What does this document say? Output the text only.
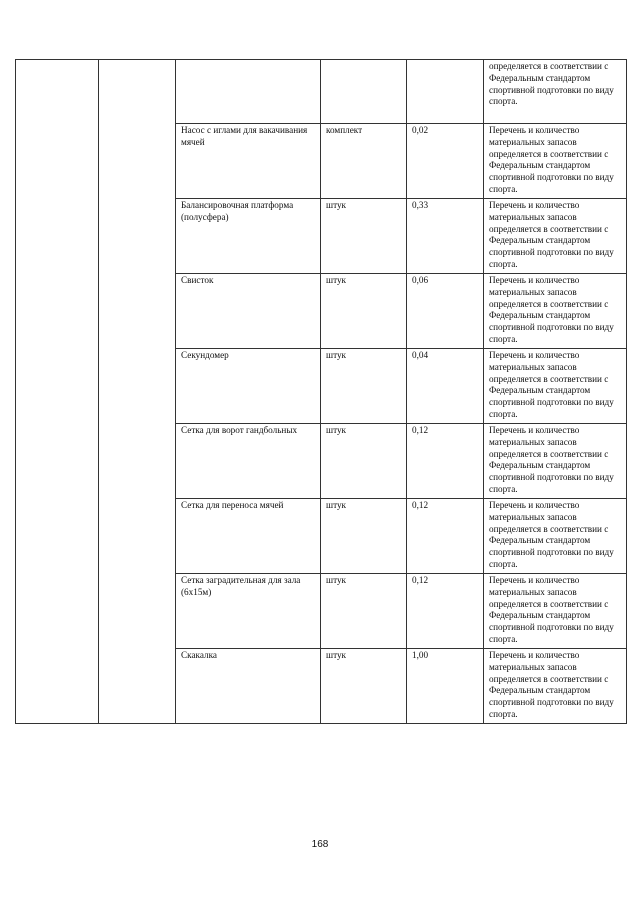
					определяется в соответствии с Федеральным стандартом спортивной подготовки по виду спорта.

		Насос с иглами для вакачивания мячей	комплект	0,02	Перечень и количество материальных запасов определяется в соответствии с Федеральным стандартом спортивной подготовки по виду спорта.
		Балансировочная платформа (полусфера)	штук	0,33	Перечень и количество материальных запасов определяется в соответствии с Федеральным стандартом спортивной подготовки по виду спорта.
		Свисток	штук	0,06	Перечень и количество материальных запасов определяется в соответствии с Федеральным стандартом спортивной подготовки по виду спорта.
		Секундомер	штук	0,04	Перечень и количество материальных запасов определяется в соответствии с Федеральным стандартом спортивной подготовки по виду спорта.
		Сетка для ворот гандбольных	штук	0,12	Перечень и количество материальных запасов определяется в соответствии с Федеральным стандартом спортивной подготовки по виду спорта.
		Сетка для переноса мячей	штук	0,12	Перечень и количество материальных запасов определяется в соответствии с Федеральным стандартом спортивной подготовки по виду спорта.
		Сетка заградительная для зала (6х15м)	штук	0,12	Перечень и количество материальных запасов определяется в соответствии с Федеральным стандартом спортивной подготовки по виду спорта.
		Скакалка	штук	1,00	Перечень и количество материальных запасов определяется в соответствии с Федеральным стандартом спортивной подготовки по виду спорта.
168
